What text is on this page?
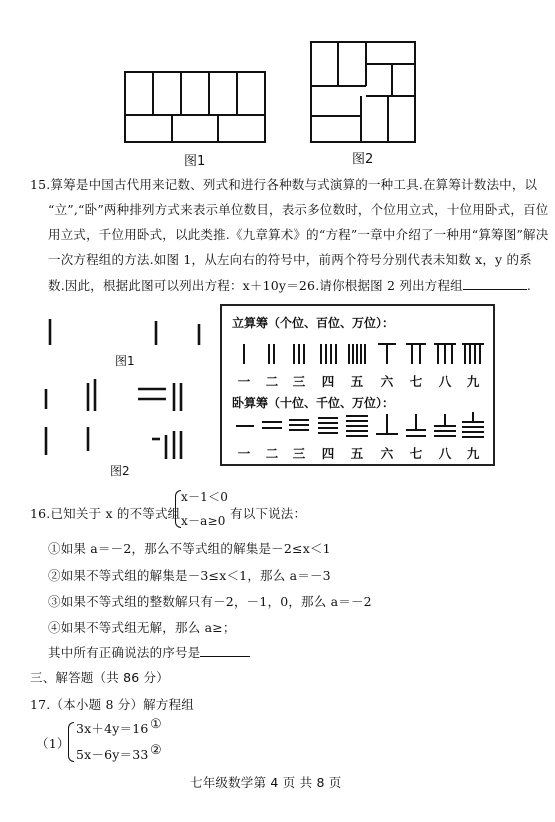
图1	图2
15.算筹是中国古代用来记数、列式和进行各种数与式演算的一种工具.在算筹计数法中，以
“立”,“卧”两种排列方式来表示单位数目，表示多位数时，个位用立式，十位用卧式，百位
用立式，千位用卧式，以此类推.《九章算术》的“方程”一章中介绍了一种用“算筹图”解决
一次方程组的方法.如图 1，从左向右的符号中，前两个符号分别代表未知数 x，y 的系
数.因此，根据此图可以列出方程：x＋10y＝26.请你根据图 2 列出方程组	.
图1
图2
立算筹（个位、百位、万位）：
一	二	三	四	五	六	七	八	九
卧算筹（十位、千位、万位）：
一	二	三	四	五	六	七	八	九
16.已知关于 x 的不等式组
x－1＜0
x－a≥0 有以下说法：
①如果 a＝－2，那么不等式组的解集是－2≤x＜1
②如果不等式组的解集是－3≤x＜1，那么 a＝－3
③如果不等式组的整数解只有－2，－1，0，那么 a＝－2
④如果不等式组无解，那么 a≥；
其中所有正确说法的序号是
三、解答题（共 86 分）
17.（本小题 8 分）解方程组
（1）
3x＋4y＝16 ①
5x－6y＝33 ②
七年级数学第 4 页 共 8 页
